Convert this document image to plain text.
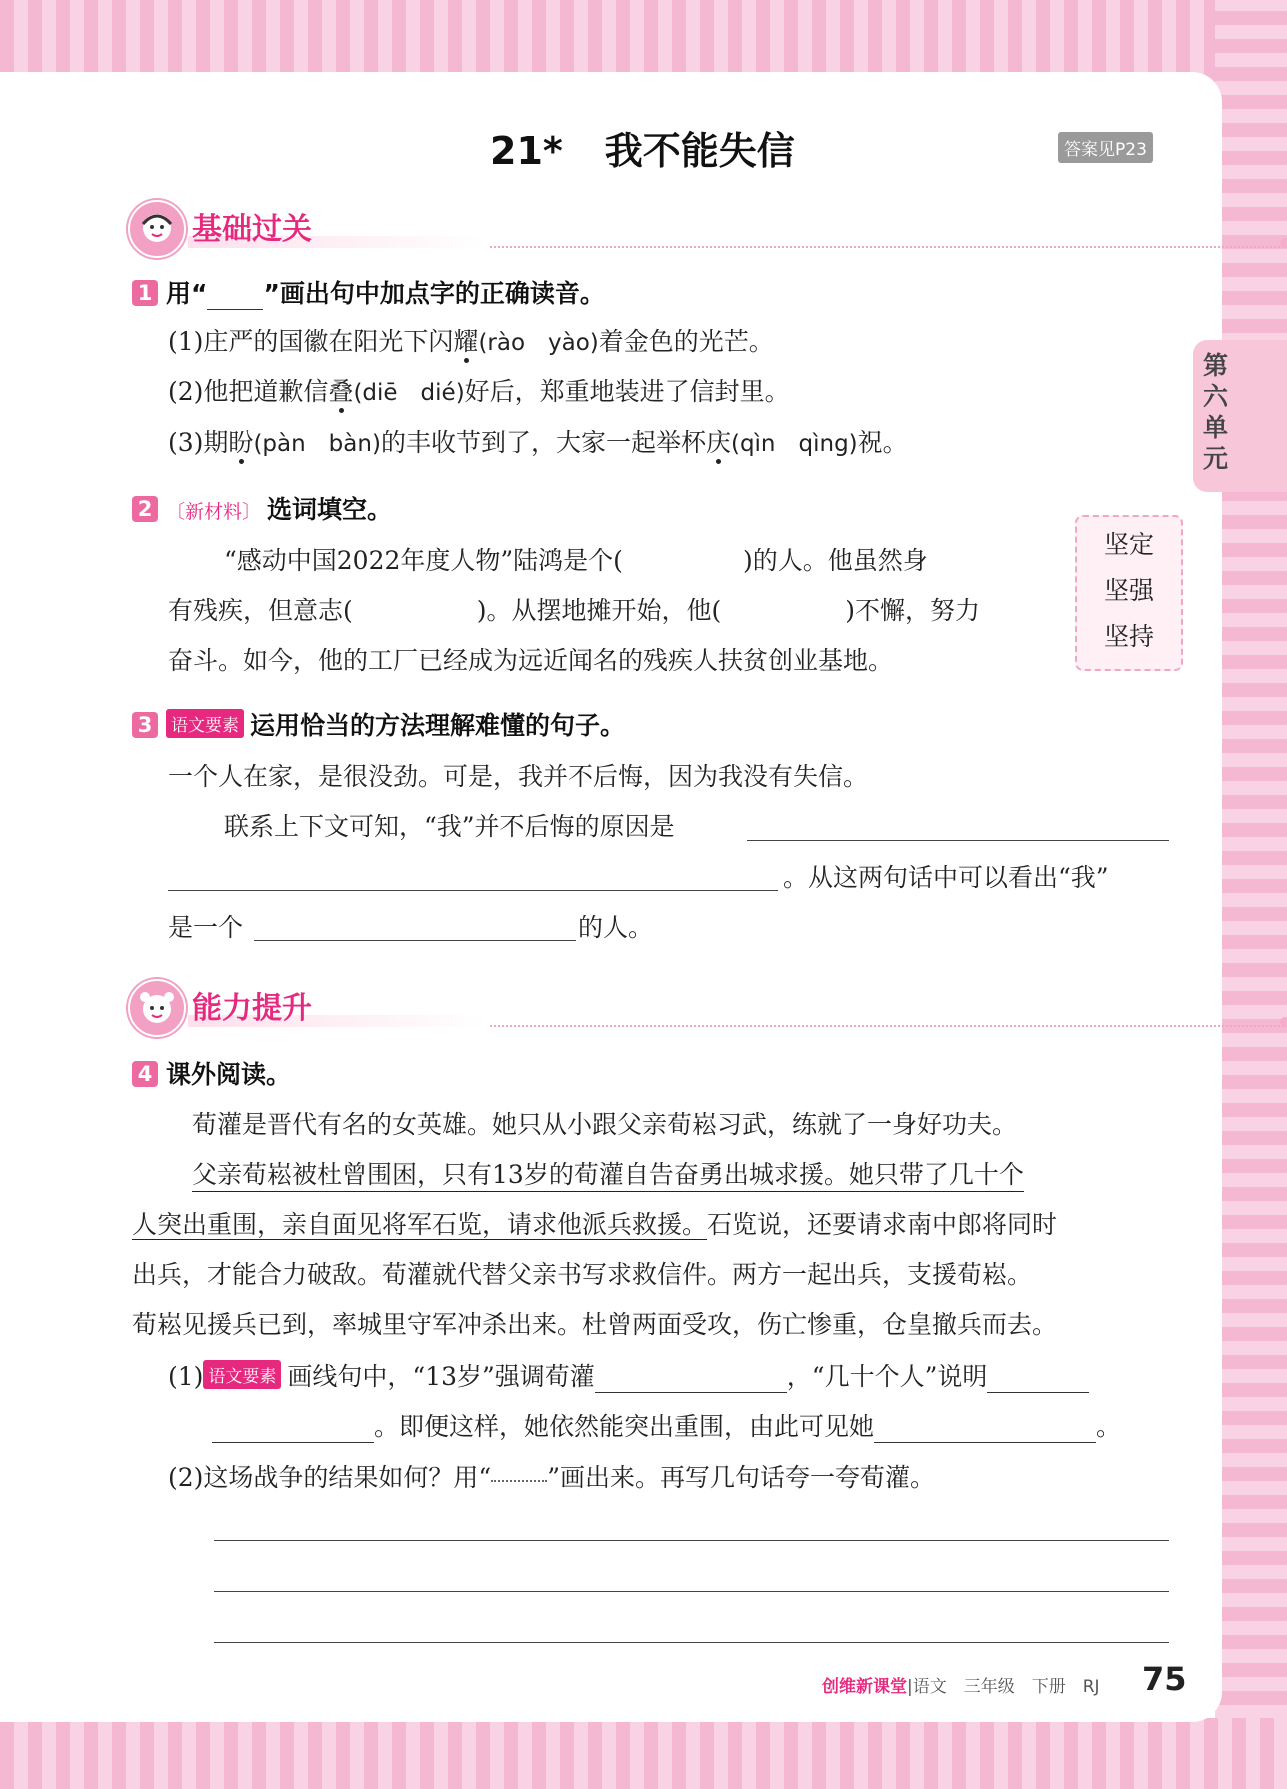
21* 我不能失信	答案见P23
第六单元
基础过关
1 用“ ”画出句中加点字的正确读音。
(1)庄严的国徽在阳光下闪耀(rào　yào)着金色的光芒。
(2)他把道歉信叠(diē　dié)好后，郑重地装进了信封里。
(3)期盼(pàn　bàn)的丰收节到了，大家一起举杯庆(qìn　qìng)祝。
2 〔新材料〕 选词填空。
“感动中国2022年度人物”陆鸿是个(	)的人。他虽然身
有残疾，但意志(	)。从摆地摊开始，他(	)不懈，努力
奋斗。如今，他的工厂已经成为远近闻名的残疾人扶贫创业基地。
坚定
坚强
坚持
3 语文要素 运用恰当的方法理解难懂的句子。
一个人在家，是很没劲。可是，我并不后悔，因为我没有失信。
联系上下文可知，“我”并不后悔的原因是
。从这两句话中可以看出“我”
是一个	的人。
能力提升
4 课外阅读。
荀灌是晋代有名的女英雄。她只从小跟父亲荀崧习武，练就了一身好功夫。
父亲荀崧被杜曾围困，只有13岁的荀灌自告奋勇出城求援。她只带了几十个
人突出重围，亲自面见将军石览，请求他派兵救援。石览说，还要请求南中郎将同时
出兵，才能合力破敌。荀灌就代替父亲书写求救信件。两方一起出兵，支援荀崧。
荀崧见援兵已到，率城里守军冲杀出来。杜曾两面受攻，伤亡惨重，仓皇撤兵而去。
(1) 语文要素 画线句中，“13岁”强调荀灌	，“几十个人”说明
。即便这样，她依然能突出重围，由此可见她	。
(2)这场战争的结果如何？用“ ”画出来。再写几句话夸一夸荀灌。
创维新课堂|语文　三年级　下册　RJ 75
